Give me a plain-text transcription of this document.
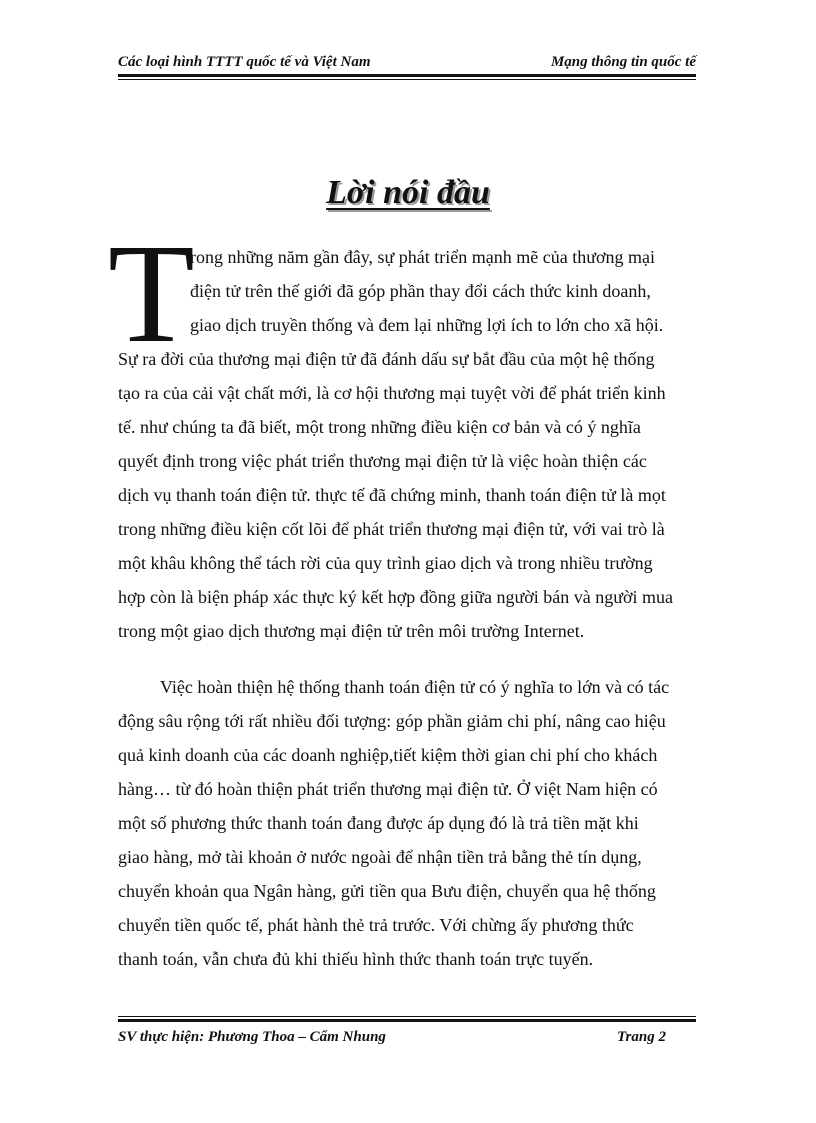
Các loại hình TTTT quốc tế và Việt Nam	Mạng thông tin quốc tế
Lời nói đầu
T
rong những năm gần đây, sự phát triển mạnh mẽ của thương mại
điện tử trên thế giới đã góp phần thay đổi cách thức kinh doanh,
giao dịch truyền thống và đem lại những lợi ích to lớn cho xã hội.
Sự ra đời của thương mại điện tử đã đánh dấu sự bắt đầu của một hệ thống
tạo ra của cải vật chất mới, là cơ hội thương mại tuyệt vời để phát triển kinh
tế. như chúng ta đã biết, một trong những điều kiện cơ bản và có ý nghĩa
quyết định trong việc phát triển thương mại điện tử là việc hoàn thiện các
dịch vụ thanh toán điện tử. thực tế đã chứng minh, thanh toán điện tử là mọt
trong những điều kiện cốt lõi để phát triển thương mại điện tử, với vai trò là
một khâu không thể tách rời của quy trình giao dịch và trong nhiều trường
hợp còn là biện pháp xác thực ký kết hợp đồng giữa người bán và người mua
trong một giao dịch thương mại điện tử trên môi trường Internet.
Việc hoàn thiện hệ thống thanh toán điện tử có ý nghĩa to lớn và có tác
động sâu rộng tới rất nhiều đối tượng: góp phần giảm chi phí, nâng cao hiệu
quả kinh doanh của các doanh nghiệp,tiết kiệm thời gian chi phí cho khách
hàng… từ đó hoàn thiện phát triển thương mại điện tử. Ở việt Nam hiện có
một số phương thức thanh toán đang được áp dụng đó là trả tiền mặt khi
giao hàng, mở tài khoản ở nước ngoài để nhận tiền trả bằng thẻ tín dụng,
chuyển khoản qua Ngân hàng, gửi tiền qua Bưu điện, chuyển qua hệ thống
chuyển tiền quốc tế, phát hành thẻ trả trước. Với chừng ấy phương thức
thanh toán, vẫn chưa đủ khi thiếu hình thức thanh toán trực tuyến.
SV thực hiện: Phương Thoa – Cẩm Nhung	Trang 2
